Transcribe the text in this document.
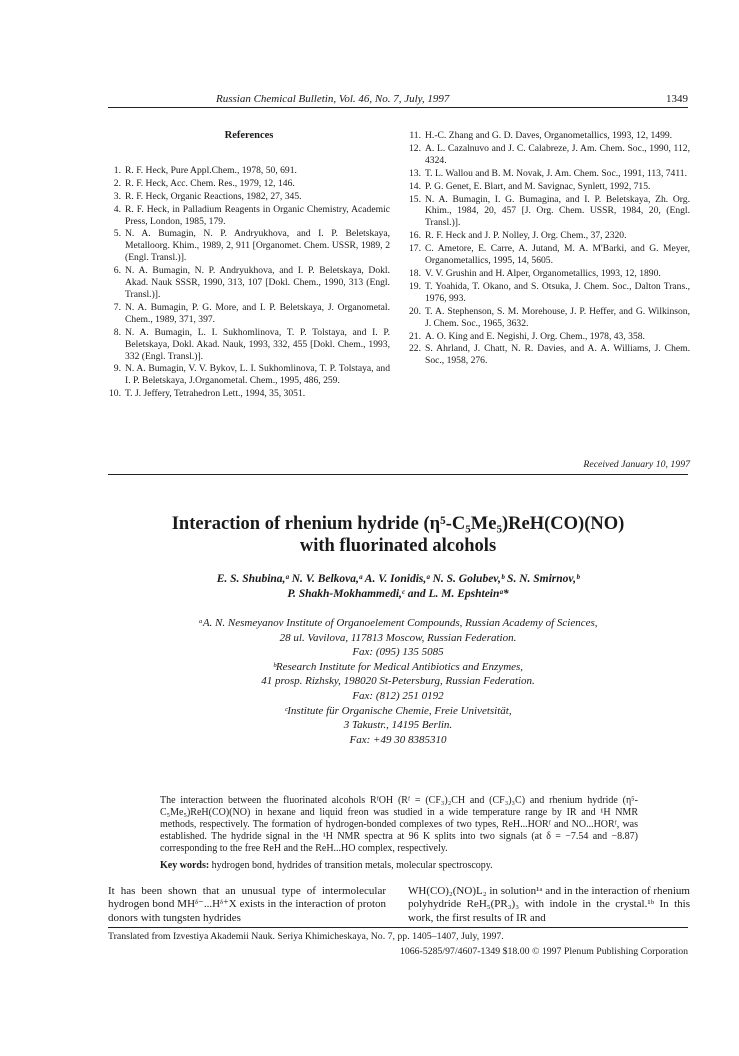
Russian Chemical Bulletin, Vol. 46, No. 7, July, 1997	1349
References
1. R. F. Heck, Pure Appl.Chem., 1978, 50, 691.
2. R. F. Heck, Acc. Chem. Res., 1979, 12, 146.
3. R. F. Heck, Organic Reactions, 1982, 27, 345.
4. R. F. Heck, in Palladium Reagents in Organic Chemistry, Academic Press, London, 1985, 179.
5. N. A. Bumagin, N. P. Andryukhova, and I. P. Beletskaya, Metalloorg. Khim., 1989, 2, 911 [Organomet. Chem. USSR, 1989, 2 (Engl. Transl.)].
6. N. A. Bumagin, N. P. Andryukhova, and I. P. Beletskaya, Dokl. Akad. Nauk SSSR, 1990, 313, 107 [Dokl. Chem., 1990, 313 (Engl. Transl.)].
7. N. A. Bumagin, P. G. More, and I. P. Beletskaya, J. Organometal. Chem., 1989, 371, 397.
8. N. A. Bumagin, L. I. Sukhomlinova, T. P. Tolstaya, and I. P. Beletskaya, Dokl. Akad. Nauk, 1993, 332, 455 [Dokl. Chem., 1993, 332 (Engl. Transl.)].
9. N. A. Bumagin, V. V. Bykov, L. I. Sukhomlinova, T. P. Tolstaya, and I. P. Beletskaya, J.Organometal. Chem., 1995, 486, 259.
10. T. J. Jeffery, Tetrahedron Lett., 1994, 35, 3051.
11. H.-C. Zhang and G. D. Daves, Organometallics, 1993, 12, 1499.
12. A. L. Cazalnuvo and J. C. Calabreze, J. Am. Chem. Soc., 1990, 112, 4324.
13. T. L. Wallou and B. M. Novak, J. Am. Chem. Soc., 1991, 113, 7411.
14. P. G. Genet, E. Blart, and M. Savignac, Synlett, 1992, 715.
15. N. A. Bumagin, I. G. Bumagina, and I. P. Beletskaya, Zh. Org. Khim., 1984, 20, 457 [J. Org. Chem. USSR, 1984, 20, (Engl. Transl.)].
16. R. F. Heck and J. P. Nolley, J. Org. Chem., 37, 2320.
17. C. Ametore, E. Carre, A. Jutand, M. A. M'Barki, and G. Meyer, Organometallics, 1995, 14, 5605.
18. V. V. Grushin and H. Alper, Organometallics, 1993, 12, 1890.
19. T. Yoahida, T. Okano, and S. Otsuka, J. Chem. Soc., Dalton Trans., 1976, 993.
20. T. A. Stephenson, S. M. Morehouse, J. P. Heffer, and G. Wilkinson, J. Chem. Soc., 1965, 3632.
21. A. O. King and E. Negishi, J. Org. Chem., 1978, 43, 358.
22. S. Ahrland, J. Chatt, N. R. Davies, and A. A. Williams, J. Chem. Soc., 1958, 276.
Received January 10, 1997
Interaction of rhenium hydride (η⁵-C₅Me₅)ReH(CO)(NO)
with fluorinated alcohols
E. S. Shubina,ᵃ N. V. Belkova,ᵃ A. V. Ionidis,ᵃ N. S. Golubev,ᵇ S. N. Smirnov,ᵇ
P. Shakh-Mokhammedi,ᶜ and L. M. Epshteinᵃ*
ᵃA. N. Nesmeyanov Institute of Organoelement Compounds, Russian Academy of Sciences,
28 ul. Vavilova, 117813 Moscow, Russian Federation.
Fax: (095) 135 5085
ᵇResearch Institute for Medical Antibiotics and Enzymes,
41 prosp. Rizhsky, 198020 St-Petersburg, Russian Federation.
Fax: (812) 251 0192
ᶜInstitute für Organische Chemie, Freie Univetsität,
3 Takustr., 14195 Berlin.
Fax: +49 30 8385310
The interaction between the fluorinated alcohols RᶠOH (Rᶠ = (CF₃)₂CH and (CF₃)₃C) and rhenium hydride (η⁵-C₅Me₅)ReH(CO)(NO) in hexane and liquid freon was studied in a wide temperature range by IR and ¹H NMR methods, respectively. The formation of hydrogen-bonded complexes of two types, ReH...HORᶠ and NO...HORᶠ, was established. The hydride signal in the ¹H NMR spectra at 96 K splits into two signals (at δ = −7.54 and −8.87) corresponding to the free ReH and the ReH...HO complex, respectively.
Key words: hydrogen bond, hydrides of transition metals, molecular spectroscopy.
It has been shown that an unusual type of intermolecular hydrogen bond MHᵟ⁻...Hᵟ⁺X exists in the interaction of proton donors with tungsten hydrides
WH(CO)₂(NO)L₂ in solution¹ᵃ and in the interaction of rhenium polyhydride ReH₅(PR₃)₃ with indole in the crystal.¹ᵇ In this work, the first results of IR and
Translated from Izvestiya Akademii Nauk. Seriya Khimicheskaya, No. 7, pp. 1405–1407, July, 1997.
1066-5285/97/4607-1349 $18.00 © 1997 Plenum Publishing Corporation
